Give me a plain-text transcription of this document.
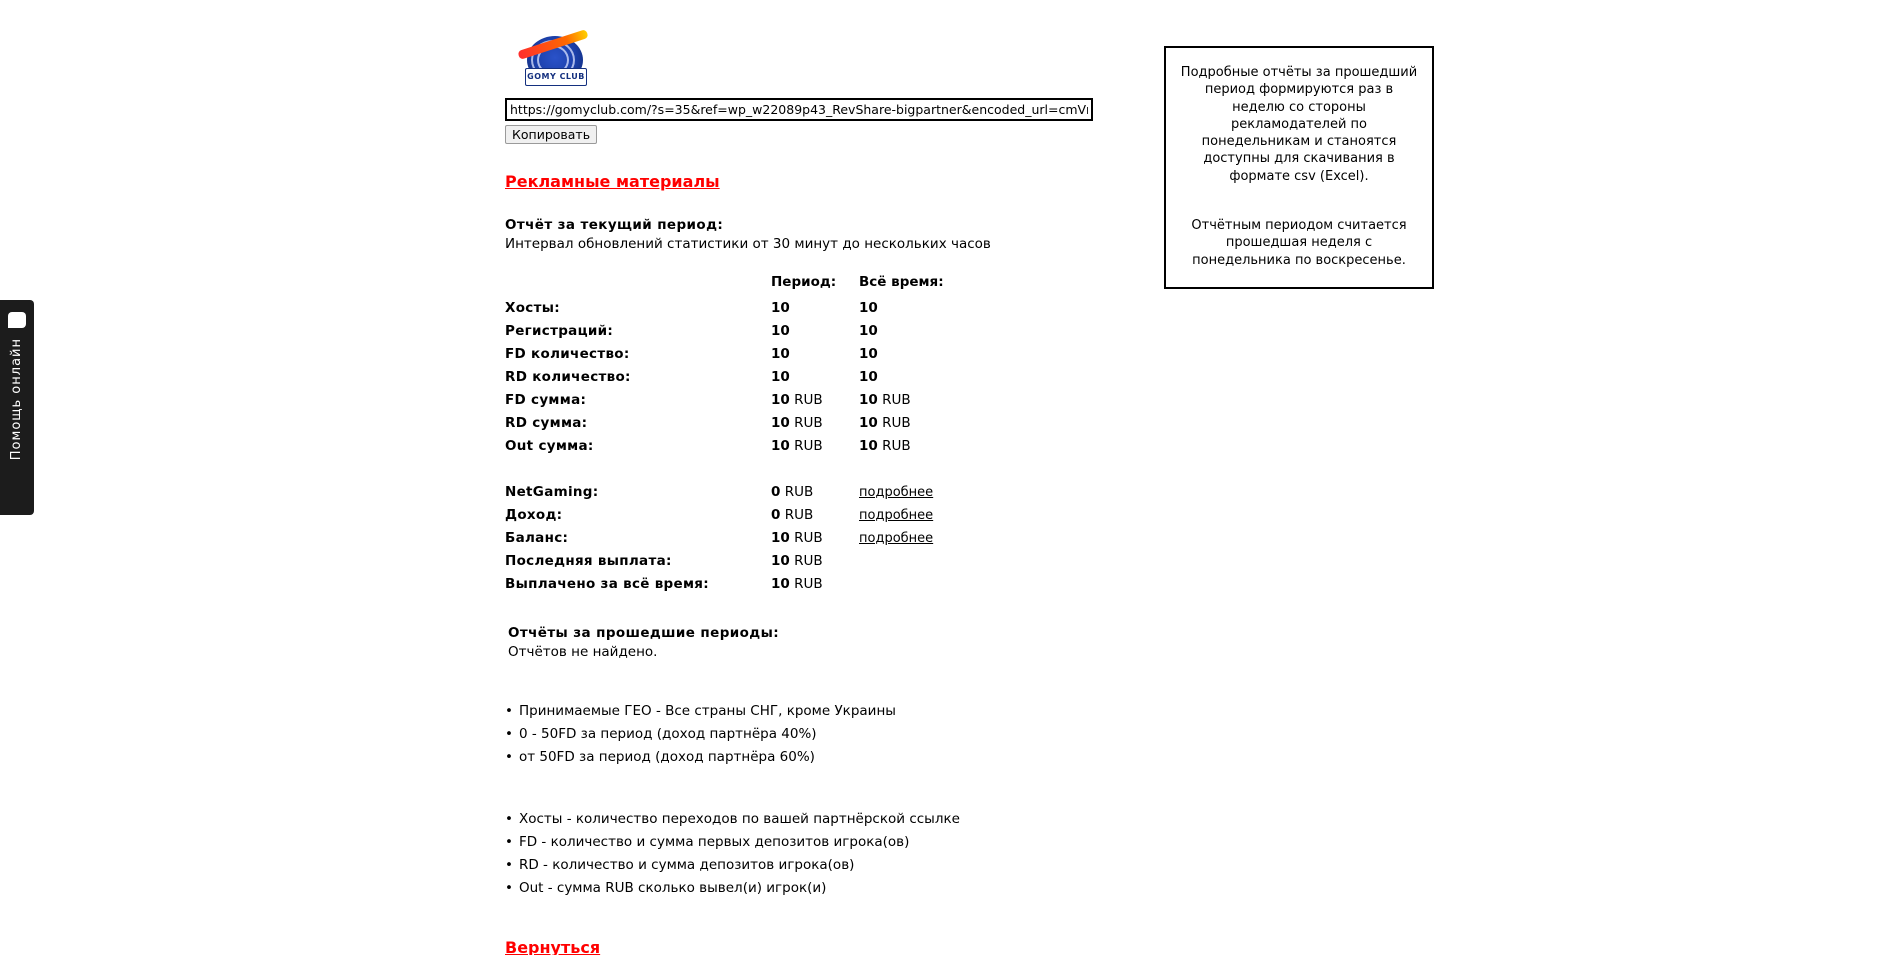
Помощь онлайн
GOMY CLUB
https://gomyclub.com/?s=35&ref=wp_w22089p43_RevShare-bigpartner&encoded_url=cmVnaXN
Копировать
Рекламные материалы
Отчёт за текущий период:
Интервал обновлений статистики от 30 минут до нескольких часов
	Период:	Всё время:
Хосты:	10	10
Регистраций:	10	10
FD количество:	10	10
RD количество:	10	10
FD сумма:	10 RUB	10 RUB
RD сумма:	10 RUB	10 RUB
Out сумма:	10 RUB	10 RUB

NetGaming:	0 RUB	подробнее
Доход:	0 RUB	подробнее
Баланс:	10 RUB	подробнее
Последняя выплата:	10 RUB	
Выплачено за всё время:	10 RUB	
Отчёты за прошедшие периоды:
Отчётов не найдено.
• Принимаемые ГЕО - Все страны СНГ, кроме Украины
• 0 - 50FD за период (доход партнёра 40%)
• от 50FD за период (доход партнёра 60%)
• Хосты - количество переходов по вашей партнёрской ссылке
• FD - количество и сумма первых депозитов игрока(ов)
• RD - количество и сумма депозитов игрока(ов)
• Out - сумма RUB сколько вывел(и) игрок(и)
Вернуться

Подробные отчёты за прошедший период формируются раз в неделю со стороны рекламодателей по понедельникам и станоятся доступны для скачивания в формате csv (Excel).

Отчётным периодом считается прошедшая неделя с понедельника по воскресенье.
